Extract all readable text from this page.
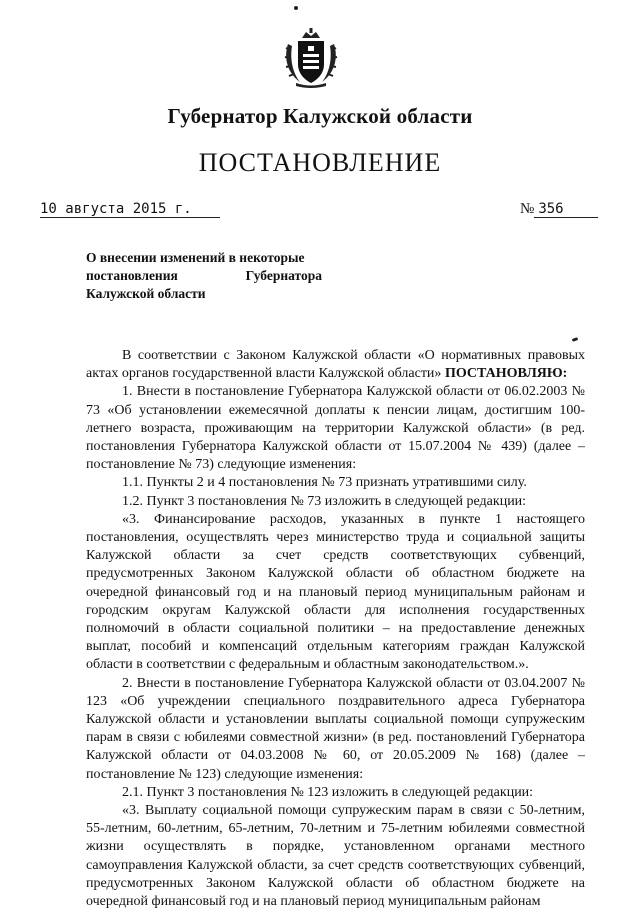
Губернатор Калужской области
ПОСТАНОВЛЕНИЕ
10 августа 2015 г.	№ 356
О внесении изменений в некоторые
постановления	Губернатора
Калужской области

В соответствии с Законом Калужской области «О нормативных правовых актах органов государственной власти Калужской области» ПОСТАНОВЛЯЮ:

1. Внести в постановление Губернатора Калужской области от 06.02.2003 № 73 «Об установлении ежемесячной доплаты к пенсии лицам, достигшим 100-летнего возраста, проживающим на территории Калужской области» (в ред. постановления Губернатора Калужской области от 15.07.2004 № 439) (далее – постановление № 73) следующие изменения:

1.1. Пункты 2 и 4 постановления № 73 признать утратившими силу.

1.2. Пункт 3 постановления № 73 изложить в следующей редакции:

«3. Финансирование расходов, указанных в пункте 1 настоящего постановления, осуществлять через министерство труда и социальной защиты Калужской области за счет средств соответствующих субвенций, предусмотренных Законом Калужской области об областном бюджете на очередной финансовый год и на плановый период муниципальным районам и городским округам Калужской области для исполнения государственных полномочий в области социальной политики – на предоставление денежных выплат, пособий и компенсаций отдельным категориям граждан Калужской области в соответствии с федеральным и областным законодательством.».

2. Внести в постановление Губернатора Калужской области от 03.04.2007 № 123 «Об учреждении специального поздравительного адреса Губернатора Калужской области и установлении выплаты социальной помощи супружеским парам в связи с юбилеями совместной жизни» (в ред. постановлений Губернатора Калужской области от 04.03.2008 № 60, от 20.05.2009 № 168) (далее – постановление № 123) следующие изменения:

2.1. Пункт 3 постановления № 123 изложить в следующей редакции:

«3. Выплату социальной помощи супружеским парам в связи с 50-летним, 55-летним, 60-летним, 65-летним, 70-летним и 75-летним юбилеями совместной жизни осуществлять в порядке, установленном органами местного самоуправления Калужской области, за счет средств соответствующих субвенций, предусмотренных Законом Калужской области об областном бюджете на очередной финансовый год и на плановый период муниципальным районам
